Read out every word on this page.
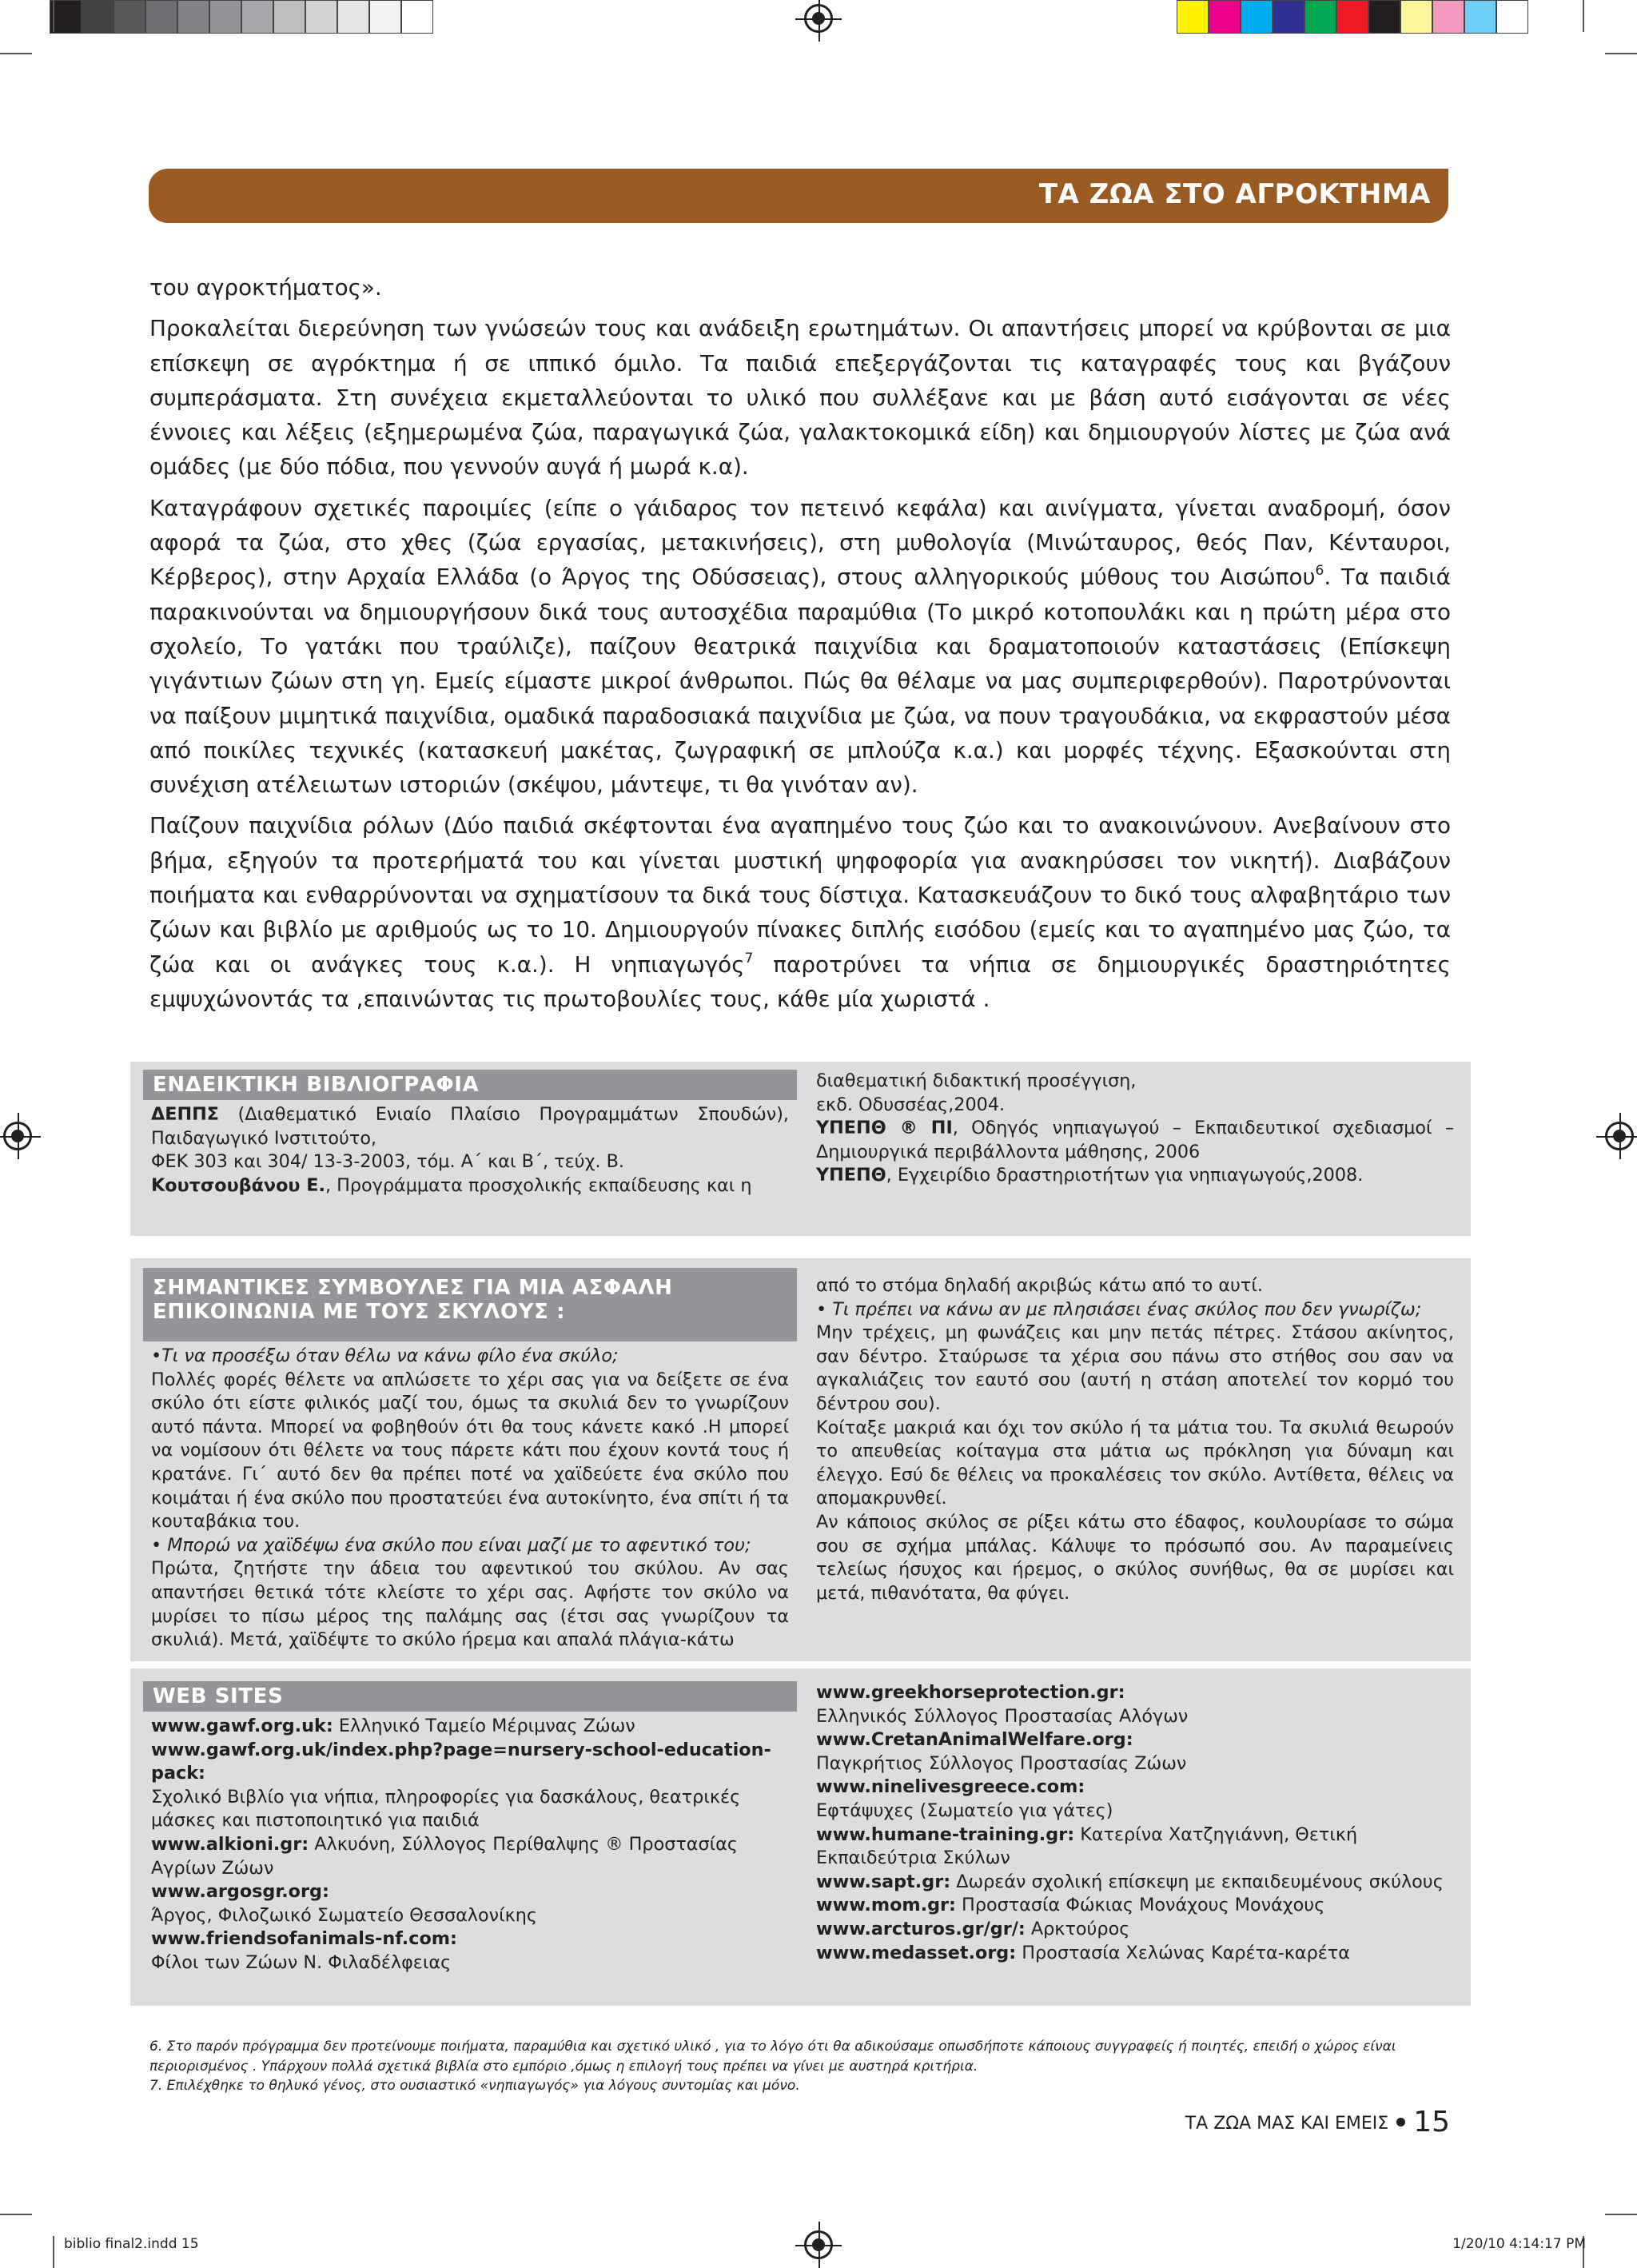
ΤΑ ΖΩΑ ΣΤΟ ΑΓΡΟΚΤΗΜΑ

του αγροκτήματος».

Προκαλείται διερεύνηση των γνώσεών τους και ανάδειξη ερωτημάτων. Οι απαντήσεις μπορεί να κρύβονται σε μια επίσκεψη σε αγρόκτημα ή σε ιππικό όμιλο. Τα παιδιά επεξεργάζονται τις καταγραφές τους και βγάζουν συμπεράσματα. Στη συνέχεια εκμεταλλεύονται το υλικό που συλλέξανε και με βάση αυτό εισάγονται σε νέες έννοιες και λέξεις (εξημερωμένα ζώα, παραγωγικά ζώα, γαλακτοκομικά είδη) και δημιουργούν λίστες με ζώα ανά ομάδες (με δύο πόδια, που γεννούν αυγά ή μωρά κ.α).

Καταγράφουν σχετικές παροιμίες (είπε ο γάιδαρος τον πετεινό κεφάλα) και αινίγματα, γίνεται αναδρομή, όσον αφορά τα ζώα, στο χθες (ζώα εργασίας, μετακινήσεις), στη μυθολογία (Μινώταυρος, θεός Παν, Κένταυροι, Κέρβερος), στην Αρχαία Ελλάδα (ο Άργος της Οδύσσειας), στους αλληγορικούς μύθους του Αισώπου$^6$. Τα παιδιά παρακινούνται να δημιουργήσουν δικά τους αυτοσχέδια παραμύθια (Το μικρό κοτοπουλάκι και η πρώτη μέρα στο σχολείο, Το γατάκι που τραύλιζε), παίζουν θεατρικά παιχνίδια και δραματοποιούν καταστάσεις (Επίσκεψη γιγάντιων ζώων στη γη. Εμείς είμαστε μικροί άνθρωποι. Πώς θα θέλαμε να μας συμπεριφερθούν). Παροτρύνονται να παίξουν μιμητικά παιχνίδια, ομαδικά παραδοσιακά παιχνίδια με ζώα, να πουν τραγουδάκια, να εκφραστούν μέσα από ποικίλες τεχνικές (κατασκευή μακέτας, ζωγραφική σε μπλούζα κ.α.) και μορφές τέχνης. Εξασκούνται στη συνέχιση ατέλειωτων ιστοριών (σκέψου, μάντεψε, τι θα γινόταν αν).

Παίζουν παιχνίδια ρόλων (Δύο παιδιά σκέφτονται ένα αγαπημένο τους ζώο και το ανακοινώνουν. Ανεβαίνουν στο βήμα, εξηγούν τα προτερήματά του και γίνεται μυστική ψηφοφορία για ανακηρύσσει τον νικητή). Διαβάζουν ποιήματα και ενθαρρύνονται να σχηματίσουν τα δικά τους δίστιχα. Κατασκευάζουν το δικό τους αλφαβητάριο των ζώων και βιβλίο με αριθμούς ως το 10. Δημιουργούν πίνακες διπλής εισόδου (εμείς και το αγαπημένο μας ζώο, τα ζώα και οι ανάγκες τους κ.α.). Η νηπιαγωγός$^7$ παροτρύνει τα νήπια σε δημιουργικές δραστηριότητες εμψυχώνοντάς τα ,επαινώντας τις πρωτοβουλίες τους, κάθε μία χωριστά .

ΕΝΔΕΙΚΤΙΚΗ ΒΙΒΛΙΟΓΡΑΦΙΑ
ΔΕΠΠΣ (Διαθεματικό Ενιαίο Πλαίσιο Προγραμμάτων Σπουδών), Παιδαγωγικό Ινστιτούτο,
ΦΕΚ 303 και 304/ 13-3-2003, τόμ. Α΄ και Β΄, τεύχ. Β.
Κουτσουβάνου Ε., Προγράμματα προσχολικής εκπαίδευσης και η
διαθεματική διδακτική προσέγγιση,
εκδ. Οδυσσέας,2004.
ΥΠΕΠΘ ® ΠΙ, Οδηγός νηπιαγωγού – Εκπαιδευτικοί σχεδιασμοί – Δημιουργικά περιβάλλοντα μάθησης, 2006
ΥΠΕΠΘ, Εγχειρίδιο δραστηριοτήτων για νηπιαγωγούς,2008.
ΣΗΜΑΝΤΙΚΕΣ ΣΥΜΒΟΥΛΕΣ ΓΙΑ ΜΙΑ ΑΣΦΑΛΗ ΕΠΙΚΟΙΝΩΝΙΑ ΜΕ ΤΟΥΣ ΣΚΥΛΟΥΣ :
•Τι να προσέξω όταν θέλω να κάνω φίλο ένα σκύλο;
Πολλές φορές θέλετε να απλώσετε το χέρι σας για να δείξετε σε ένα σκύλο ότι είστε φιλικός μαζί του, όμως τα σκυλιά δεν το γνωρίζουν αυτό πάντα. Μπορεί να φοβηθούν ότι θα τους κάνετε κακό .Η μπορεί να νομίσουν ότι θέλετε να τους πάρετε κάτι που έχουν κοντά τους ή κρατάνε. Γι΄ αυτό δεν θα πρέπει ποτέ να χαϊδεύετε ένα σκύλο που κοιμάται ή ένα σκύλο που προστατεύει ένα αυτοκίνητο, ένα σπίτι ή τα κουταβάκια του.
• Μπορώ να χαϊδέψω ένα σκύλο που είναι μαζί με το αφεντικό του;
Πρώτα, ζητήστε την άδεια του αφεντικού του σκύλου. Αν σας απαντήσει θετικά τότε κλείστε το χέρι σας. Αφήστε τον σκύλο να μυρίσει το πίσω μέρος της παλάμης σας (έτσι σας γνωρίζουν τα σκυλιά). Μετά, χαϊδέψτε το σκύλο ήρεμα και απαλά πλάγια-κάτω
από το στόμα δηλαδή ακριβώς κάτω από το αυτί.
• Τι πρέπει να κάνω αν με πλησιάσει ένας σκύλος που δεν γνωρίζω;
Μην τρέχεις, μη φωνάζεις και μην πετάς πέτρες. Στάσου ακίνητος, σαν δέντρο. Σταύρωσε τα χέρια σου πάνω στο στήθος σου σαν να αγκαλιάζεις τον εαυτό σου (αυτή η στάση αποτελεί τον κορμό του δέντρου σου).
Κοίταξε μακριά και όχι τον σκύλο ή τα μάτια του. Τα σκυλιά θεωρούν το απευθείας κοίταγμα στα μάτια ως πρόκληση για δύναμη και έλεγχο. Εσύ δε θέλεις να προκαλέσεις τον σκύλο. Αντίθετα, θέλεις να απομακρυνθεί.
Αν κάποιος σκύλος σε ρίξει κάτω στο έδαφος, κουλουρίασε το σώμα σου σε σχήμα μπάλας. Κάλυψε το πρόσωπό σου. Αν παραμείνεις τελείως ήσυχος και ήρεμος, ο σκύλος συνήθως, θα σε μυρίσει και μετά, πιθανότατα, θα φύγει.
WEB SITES
www.gawf.org.uk: Ελληνικό Ταμείο Μέριμνας Ζώων
www.gawf.org.uk/index.php?page=nursery-school-education-pack:
Σχολικό Βιβλίο για νήπια, πληροφορίες για δασκάλους, θεατρικές μάσκες και πιστοποιητικό για παιδιά
www.alkioni.gr: Αλκυόνη, Σύλλογος Περίθαλψης ® Προστασίας Αγρίων Ζώων
www.argosgr.org:
Άργος, Φιλοζωικό Σωματείο Θεσσαλονίκης
www.friendsofanimals-nf.com:
Φίλοι των Ζώων Ν. Φιλαδέλφειας
www.greekhorseprotection.gr:
Ελληνικός Σύλλογος Προστασίας Αλόγων
www.CretanAnimalWelfare.org:
Παγκρήτιος Σύλλογος Προστασίας Ζώων
www.ninelivesgreece.com:
Εφτάψυχες (Σωματείο για γάτες)
www.humane-training.gr: Κατερίνα Χατζηγιάννη, Θετική Εκπαιδεύτρια Σκύλων
www.sapt.gr: Δωρεάν σχολική επίσκεψη με εκπαιδευμένους σκύλους
www.mom.gr: Προστασία Φώκιας Μονάχους Μονάχους
www.arcturos.gr/gr/: Αρκτούρος
www.medasset.org: Προστασία Χελώνας Καρέτα-καρέτα
6. Στο παρόν πρόγραμμα δεν προτείνουμε ποιήματα, παραμύθια και σχετικό υλικό , για το λόγο ότι θα αδικούσαμε οπωσδήποτε κάποιους συγγραφείς ή ποιητές, επειδή ο χώρος είναι περιορισμένος . Υπάρχουν πολλά σχετικά βιβλία στο εμπόριο ,όμως η επιλογή τους πρέπει να γίνει με αυστηρά κριτήρια.
7. Επιλέχθηκε το θηλυκό γένος, στο ουσιαστικό «νηπιαγωγός» για λόγους συντομίας και μόνο.
ΤΑ ΖΩΑ ΜΑΣ ΚΑΙ ΕΜΕΙΣ 15
biblio final2.indd 15	1/20/10 4:14:17 PM
